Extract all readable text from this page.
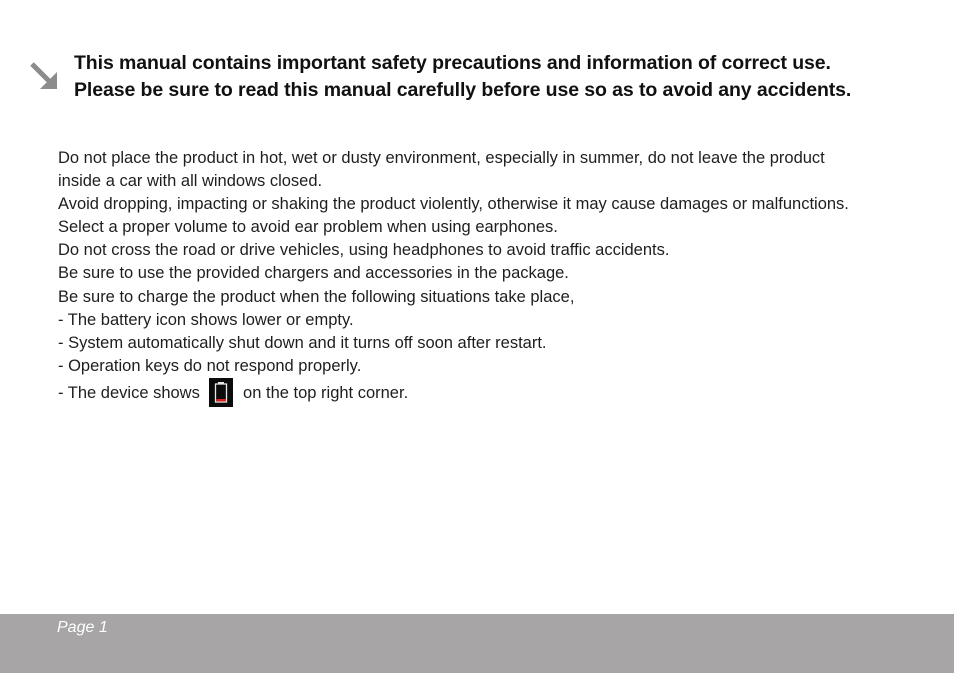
This manual contains important safety precautions and information of correct use.
Please be sure to read this manual carefully before use so as to avoid any accidents.
Do not place the product in hot, wet or dusty environment, especially in summer, do not leave the product
inside a car with all windows closed.
Avoid dropping, impacting or shaking the product violently, otherwise it may cause damages or malfunctions.
Select a proper volume to avoid ear problem when using earphones.
Do not cross the road or drive vehicles, using headphones to avoid traffic accidents.
Be sure to use the provided chargers and accessories in the package.
Be sure to charge the product when the following situations take place,
- The battery icon shows lower or empty.
- System automatically shut down and it turns off soon after restart.
- Operation keys do not respond properly.
- The device shows	on the top right corner.
Page 1
